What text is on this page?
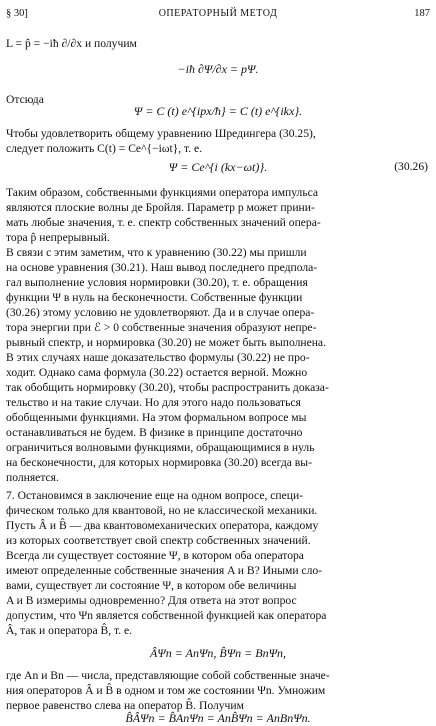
§ 30]	ОПЕРАТОРНЫЙ МЕТОД	187
L = p̂ = −iħ ∂/∂x и получим
−iħ ∂Ψ/∂x = pΨ.
Отсюда
Ψ = C (t) e^{ipx/ħ} = C (t) e^{ikx}.
Чтобы удовлетворить общему уравнению Шредингера (30.25),
следует положить C(t) = Ce^{−iωt}, т. е.
Ψ = Ce^{i (kx−ωt)}.
Таким образом, собственными функциями оператора импульса
являются плоские волны де Бройля. Параметр p может прини-
мать любые значения, т. е. спектр собственных значений опера-
тора p̂ непрерывный.
В связи с этим заметим, что к уравнению (30.22) мы пришли
на основе уравнения (30.21). Наш вывод последнего предпола-
гал выполнение условия нормировки (30.20), т. е. обращения
функции Ψ в нуль на бесконечности. Собственные функции
(30.26) этому условию не удовлетворяют. Да и в случае опера-
тора энергии при ℰ > 0 собственные значения образуют непре-
рывный спектр, и нормировка (30.20) не может быть выполнена.
В этих случаях наше доказательство формулы (30.22) не про-
ходит. Однако сама формула (30.22) остается верной. Можно
так обобщить нормировку (30.20), чтобы распространить доказа-
тельство и на такие случаи. Но для этого надо пользоваться
обобщенными функциями. На этом формальном вопросе мы
останавливаться не будем. В физике в принципе достаточно
ограничиться волновыми функциями, обращающимися в нуль
на бесконечности, для которых нормировка (30.20) всегда вы-
полняется.
7. Остановимся в заключение еще на одном вопросе, специ-
фическом только для квантовой, но не классической механики.
Пусть Â и B̂ — два квантовомеханических оператора, каждому
из которых соответствует свой спектр собственных значений.
Всегда ли существует состояние Ψ, в котором оба оператора
имеют определенные собственные значения A и B? Иными сло-
вами, существует ли состояние Ψ, в котором обе величины
A и B измеримы одновременно? Для ответа на этот вопрос
допустим, что Ψn является собственной функцией как оператора
Â, так и оператора B̂, т. е.
ÂΨn = AnΨn, B̂Ψn = BnΨn,
где An и Bn — числа, представляющие собой собственные значе-
ния операторов Â и B̂ в одном и том же состоянии Ψn. Умножим
первое равенство слева на оператор B̂. Получим
B̂ÂΨn = B̂AnΨn = AnB̂Ψn = AnBnΨn.
(30.26)
